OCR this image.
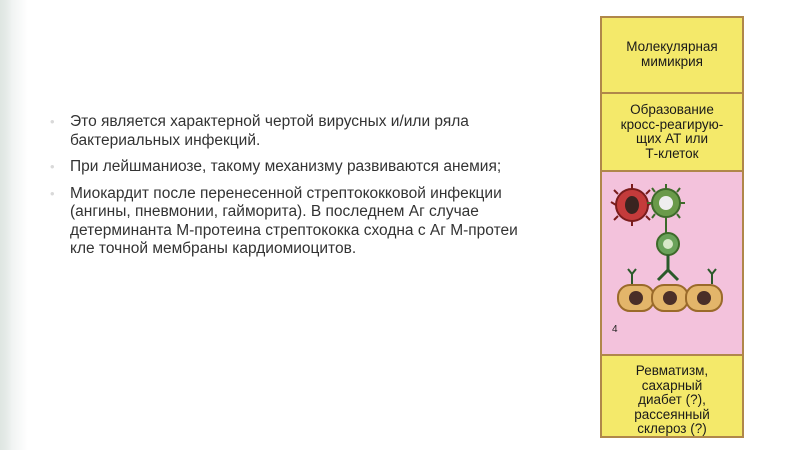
• Это является характерной чертой вирусных и/или ряла
бактериальных инфекций.
• При лейшманиозе, такому механизму развиваются анемия;
• Миокардит после перенесенной стрептококковой инфекции
(ангины, пневмонии, гайморита). В последнем Аг случае
детерминанта М-протеина стрептококка сходна с Аг М-протеи
кле точной мембраны кардиомиоцитов.
Молекулярная
мимикрия
Образование
кросс-реагирую-
щих АТ или
Т-клеток
4
Ревматизм,
сахарный
диабет (?),
рассеянный
склероз (?)
